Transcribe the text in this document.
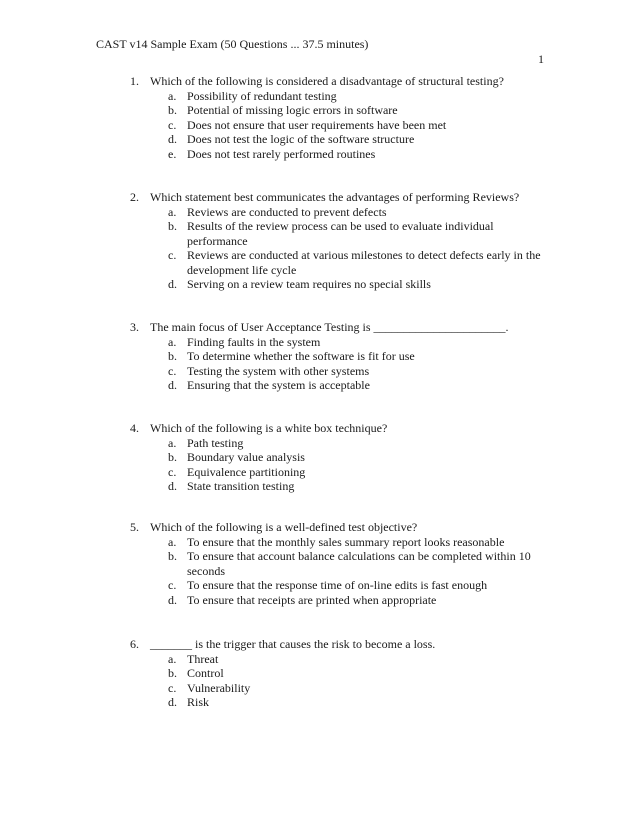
CAST v14 Sample Exam (50 Questions ... 37.5 minutes)
1
1. Which of the following is considered a disadvantage of structural testing?
a. Possibility of redundant testing
b. Potential of missing logic errors in software
c. Does not ensure that user requirements have been met
d. Does not test the logic of the software structure
e. Does not test rarely performed routines
2. Which statement best communicates the advantages of performing Reviews?
a. Reviews are conducted to prevent defects
b. Results of the review process can be used to evaluate individual performance
c. Reviews are conducted at various milestones to detect defects early in the development life cycle
d. Serving on a review team requires no special skills
3. The main focus of User Acceptance Testing is ______________________.
a. Finding faults in the system
b. To determine whether the software is fit for use
c. Testing the system with other systems
d. Ensuring that the system is acceptable
4. Which of the following is a white box technique?
a. Path testing
b. Boundary value analysis
c. Equivalence partitioning
d. State transition testing
5. Which of the following is a well-defined test objective?
a. To ensure that the monthly sales summary report looks reasonable
b. To ensure that account balance calculations can be completed within 10 seconds
c. To ensure that the response time of on-line edits is fast enough
d. To ensure that receipts are printed when appropriate
6. _______ is the trigger that causes the risk to become a loss.
a. Threat
b. Control
c. Vulnerability
d. Risk
